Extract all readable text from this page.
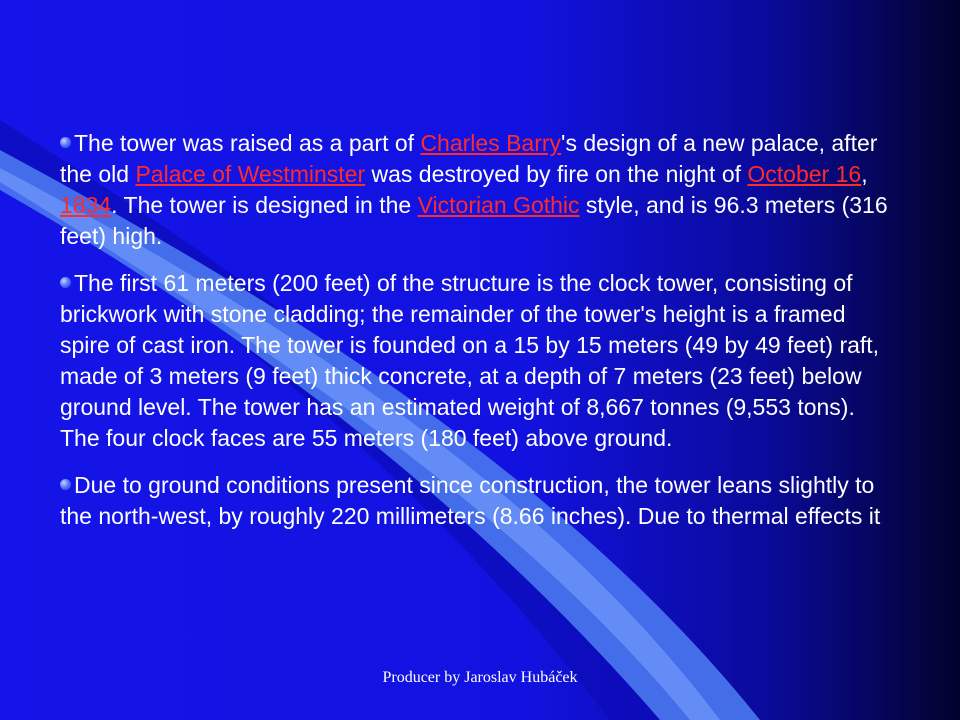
The tower was raised as a part of Charles Barry's design of a new palace, after the old Palace of Westminster was destroyed by fire on the night of October 16, 1834. The tower is designed in the Victorian Gothic style, and is 96.3 meters (316 feet) high.

The first 61 meters (200 feet) of the structure is the clock tower, consisting of brickwork with stone cladding; the remainder of the tower's height is a framed spire of cast iron. The tower is founded on a 15 by 15 meters (49 by 49 feet) raft, made of 3 meters (9 feet) thick concrete, at a depth of 7 meters (23 feet) below ground level. The tower has an estimated weight of 8,667 tonnes (9,553 tons). The four clock faces are 55 meters (180 feet) above ground.

Due to ground conditions present since construction, the tower leans slightly to the north-west, by roughly 220 millimeters (8.66 inches). Due to thermal effects it

Producer by Jaroslav Hubáček
